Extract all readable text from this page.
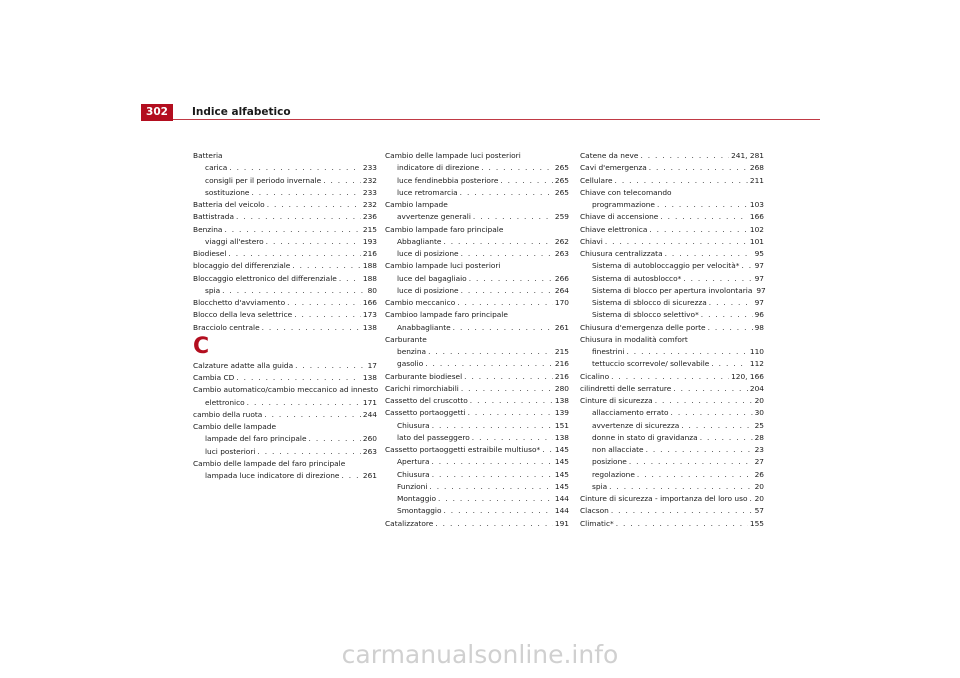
302	Indice alfabetico
Batteria
carica . . .	233
consigli per il periodo invernale . . .	232
sostituzione . . .	233
Batteria del veicolo . . .	232
Battistrada . . .	236
Benzina . . .	215
viaggi all'estero . . .	193
Biodiesel . . .	216
blocaggio del differenziale . . .	188
Bloccaggio elettronico del differenziale . . .	188
spia . . .	80
Blocchetto d'avviamento . . .	166
Blocco della leva selettrice . . .	173
Bracciolo centrale . . .	138
C
Calzature adatte alla guida . . .	17
Cambia CD . . .	138
Cambio automatico/cambio meccanico ad innesto
elettronico . . .	171
cambio della ruota . . .	244
Cambio delle lampade
lampade del faro principale . . .	260
luci posteriori . . .	263
Cambio delle lampade del faro principale
lampada luce indicatore di direzione . . .	261
Cambio delle lampade luci posteriori
indicatore di direzione . . .	265
luce fendinebbia posteriore . . .	265
luce retromarcia . . .	265
Cambio lampade
avvertenze generali . . .	259
Cambio lampade faro principale
Abbagliante . . .	262
luce di posizione . . .	263
Cambio lampade luci posteriori
luce del bagagliaio . . .	266
luce di posizione . . .	264
Cambio meccanico . . .	170
Cambioo lampade faro principale
Anabbagliante . . .	261
Carburante
benzina . . .	215
gasolio . . .	216
Carburante biodiesel . . .	216
Carichi rimorchiabili . . .	280
Cassetto del cruscotto . . .	138
Cassetto portaoggetti . . .	139
Chiusura . . .	151
lato del passeggero . . .	138
Cassetto portaoggetti estraibile multiuso* . . . 145
Apertura . . .	145
Chiusura . . .	145
Funzioni . . .	145
Montaggio . . .	144
Smontaggio . . .	144
Catalizzatore . . .	191
Catene da neve . . .	241, 281
Cavi d'emergenza . . .	268
Cellulare . . .	211
Chiave con telecomando
programmazione . . .	103
Chiave di accensione . . .	166
Chiave elettronica . . .	102
Chiavi . . .	101
Chiusura centralizzata . . .	95
Sistema di autobloccaggio per velocità* . . . 97
Sistema di autosblocco* . . .	97
Sistema di blocco per apertura involontaria 97
Sistema di sblocco di sicurezza . . .	97
Sistema di sblocco selettivo* . . .	96
Chiusura d'emergenza delle porte . . .	98
Chiusura in modalità comfort
finestrini . . .	110
tettuccio scorrevole/ sollevabile . . .	112
Cicalino . . .	120, 166
cilindretti delle serrature . . .	204
Cinture di sicurezza . . .	20
allacciamento errato . . .	30
avvertenze di sicurezza . . .	25
donne in stato di gravidanza . . .	28
non allacciate . . .	23
posizione . . .	27
regolazione . . .	26
spia . . .	20
Cinture di sicurezza - importanza del loro uso . . . 20
Clacson . . .	57
Climatic* . . .	155
carmanualsonline.info
